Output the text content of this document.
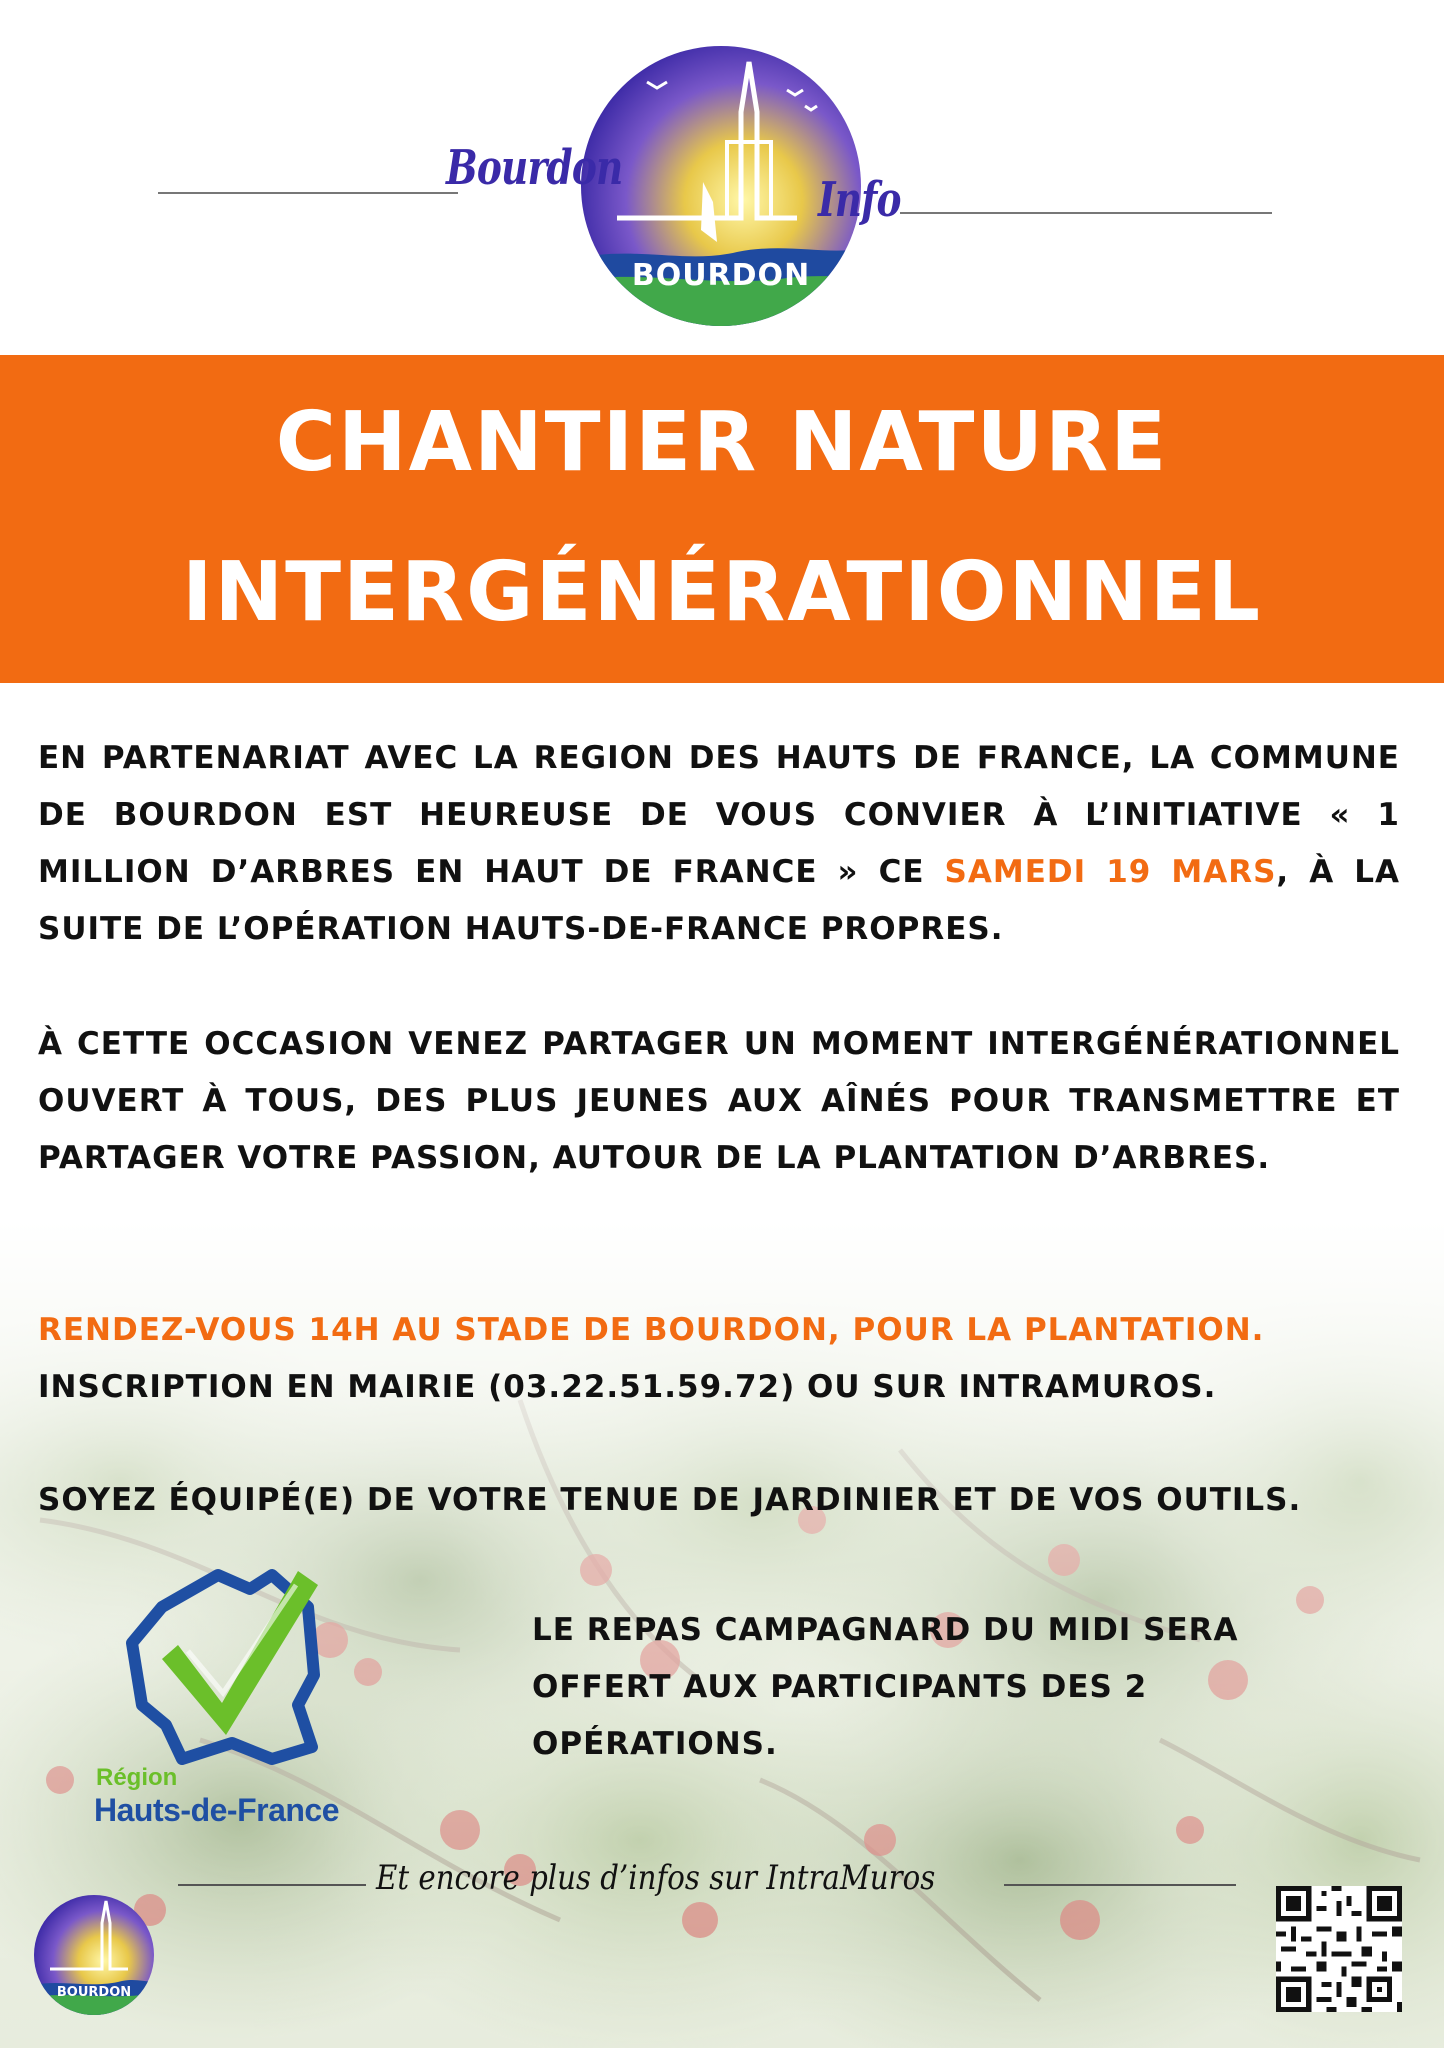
Bourdon
Info
BOURDON
CHANTIER NATURE
INTERGÉNÉRATIONNEL
EN PARTENARIAT AVEC LA REGION DES HAUTS DE FRANCE, LA COMMUNE DE BOURDON EST HEUREUSE DE VOUS CONVIER À L’INITIATIVE « 1 MILLION D’ARBRES EN HAUT DE FRANCE » CE SAMEDI 19 MARS, À LA SUITE DE L’OPÉRATION HAUTS-DE-FRANCE PROPRES.
À CETTE OCCASION VENEZ PARTAGER UN MOMENT INTERGÉNÉRATIONNEL OUVERT À TOUS, DES PLUS JEUNES AUX AÎNÉS POUR TRANSMETTRE ET PARTAGER VOTRE PASSION, AUTOUR DE LA PLANTATION D’ARBRES.
RENDEZ-VOUS 14H AU STADE DE BOURDON, POUR LA PLANTATION.
INSCRIPTION EN MAIRIE (03.22.51.59.72) OU SUR INTRAMUROS.
SOYEZ ÉQUIPÉ(E) DE VOTRE TENUE DE JARDINIER ET DE VOS OUTILS.
Région
Hauts-de-France
LE REPAS CAMPAGNARD DU MIDI SERA OFFERT AUX PARTICIPANTS DES 2 OPÉRATIONS.
Et encore plus d’infos sur IntraMuros
BOURDON
